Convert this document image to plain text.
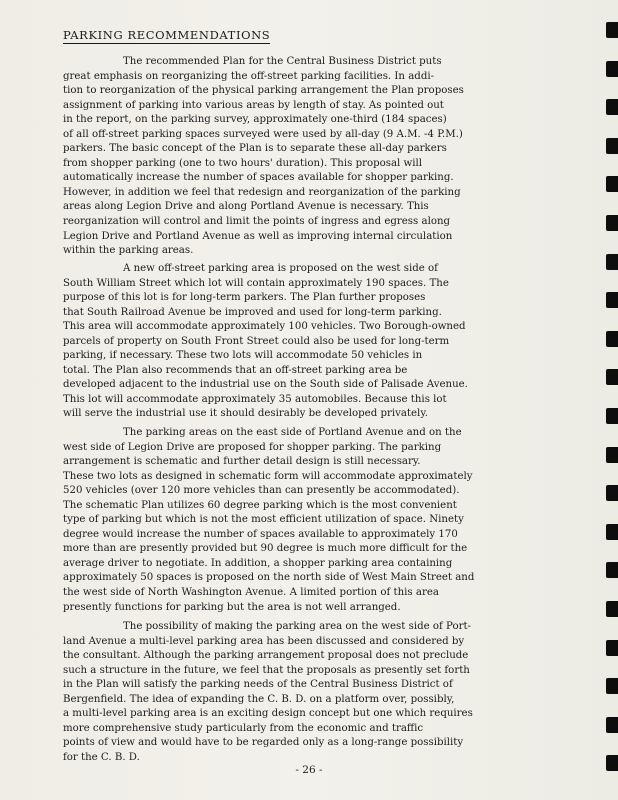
PARKING RECOMMENDATIONS
The recommended Plan for the Central Business District puts
great emphasis on reorganizing the off-street parking facilities. In addi-
tion to reorganization of the physical parking arrangement the Plan proposes
assignment of parking into various areas by length of stay. As pointed out
in the report, on the parking survey, approximately one-third (184 spaces)
of all off-street parking spaces surveyed were used by all-day (9 A.M. -4 P.M.)
parkers. The basic concept of the Plan is to separate these all-day parkers
from shopper parking (one to two hours' duration). This proposal will
automatically increase the number of spaces available for shopper parking.
However, in addition we feel that redesign and reorganization of the parking
areas along Legion Drive and along Portland Avenue is necessary. This
reorganization will control and limit the points of ingress and egress along
Legion Drive and Portland Avenue as well as improving internal circulation
within the parking areas.
A new off-street parking area is proposed on the west side of
South William Street which lot will contain approximately 190 spaces. The
purpose of this lot is for long-term parkers. The Plan further proposes
that South Railroad Avenue be improved and used for long-term parking.
This area will accommodate approximately 100 vehicles. Two Borough-owned
parcels of property on South Front Street could also be used for long-term
parking, if necessary. These two lots will accommodate 50 vehicles in
total. The Plan also recommends that an off-street parking area be
developed adjacent to the industrial use on the South side of Palisade Avenue.
This lot will accommodate approximately 35 automobiles. Because this lot
will serve the industrial use it should desirably be developed privately.
The parking areas on the east side of Portland Avenue and on the
west side of Legion Drive are proposed for shopper parking. The parking
arrangement is schematic and further detail design is still necessary.
These two lots as designed in schematic form will accommodate approximately
520 vehicles (over 120 more vehicles than can presently be accommodated).
The schematic Plan utilizes 60 degree parking which is the most convenient
type of parking but which is not the most efficient utilization of space. Ninety
degree would increase the number of spaces available to approximately 170
more than are presently provided but 90 degree is much more difficult for the
average driver to negotiate. In addition, a shopper parking area containing
approximately 50 spaces is proposed on the north side of West Main Street and
the west side of North Washington Avenue. A limited portion of this area
presently functions for parking but the area is not well arranged.
The possibility of making the parking area on the west side of Port-
land Avenue a multi-level parking area has been discussed and considered by
the consultant. Although the parking arrangement proposal does not preclude
such a structure in the future, we feel that the proposals as presently set forth
in the Plan will satisfy the parking needs of the Central Business District of
Bergenfield. The idea of expanding the C. B. D. on a platform over, possibly,
a multi-level parking area is an exciting design concept but one which requires
more comprehensive study particularly from the economic and traffic
points of view and would have to be regarded only as a long-range possibility
for the C. B. D.
- 26 -
